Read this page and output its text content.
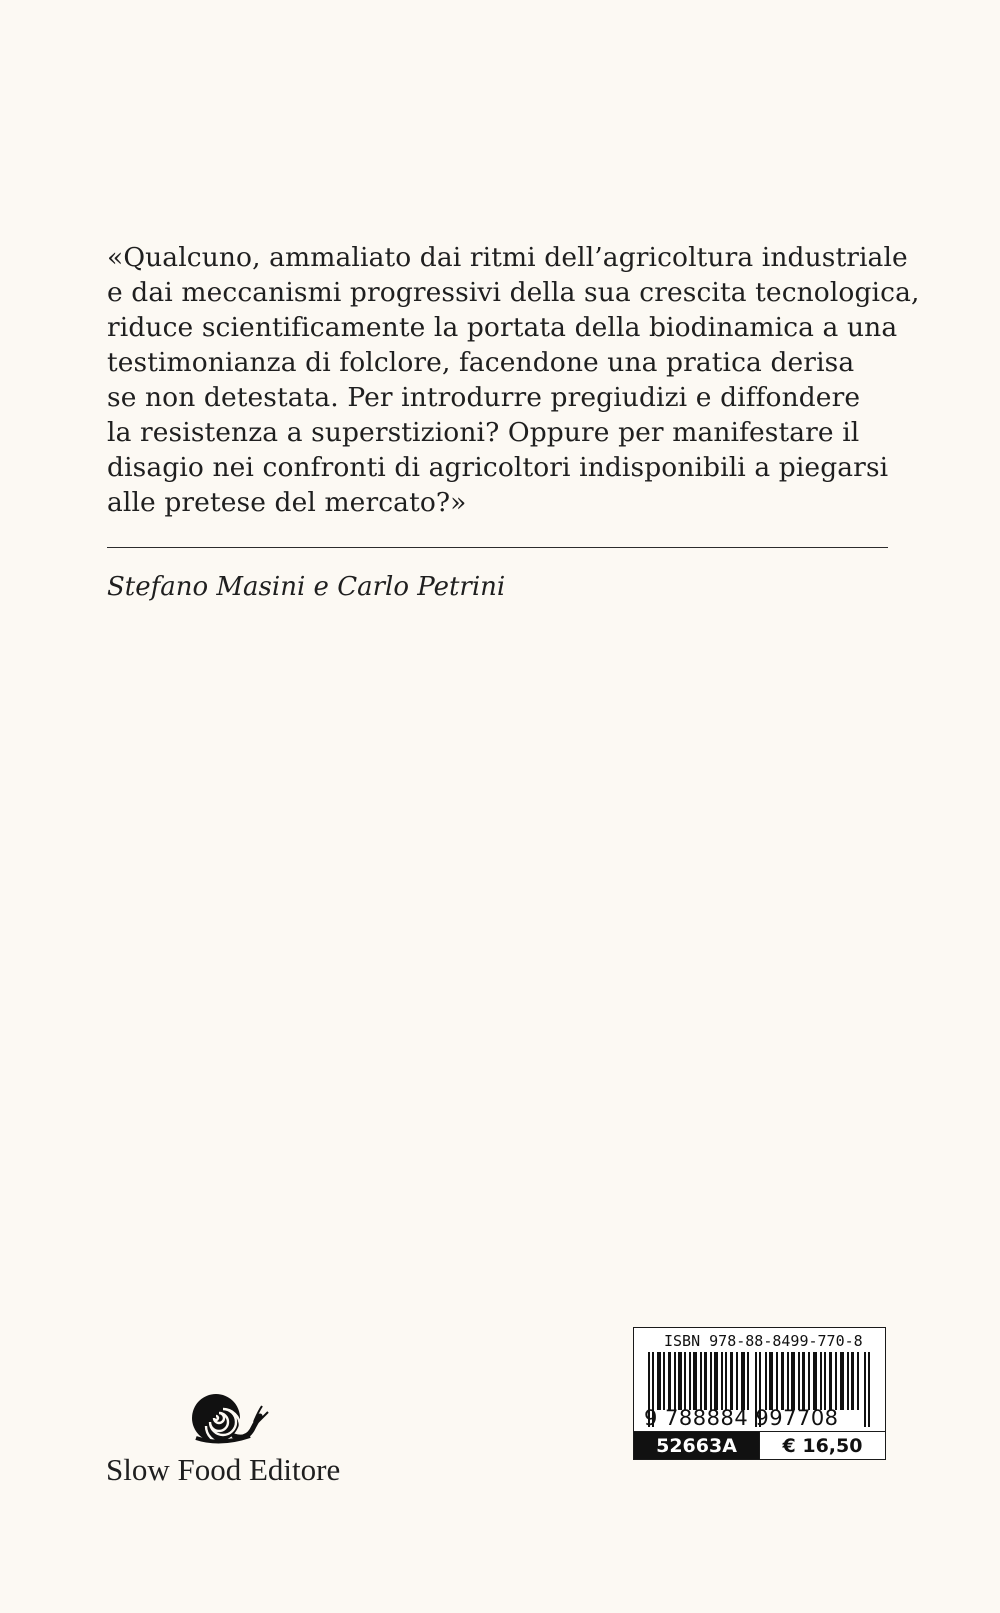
«Qualcuno, ammaliato dai ritmi dell’agricoltura industriale
e dai meccanismi progressivi della sua crescita tecnologica,
riduce scientificamente la portata della biodinamica a una
testimonianza di folclore, facendone una pratica derisa
se non detestata. Per introdurre pregiudizi e diffondere
la resistenza a superstizioni? Oppure per manifestare il
disagio nei confronti di agricoltori indisponibili a piegarsi
alle pretese del mercato?»
Stefano Masini e Carlo Petrini
Slow Food Editore
ISBN 978-88-8499-770-8
9 788884 997708
52663A	€ 16,50
